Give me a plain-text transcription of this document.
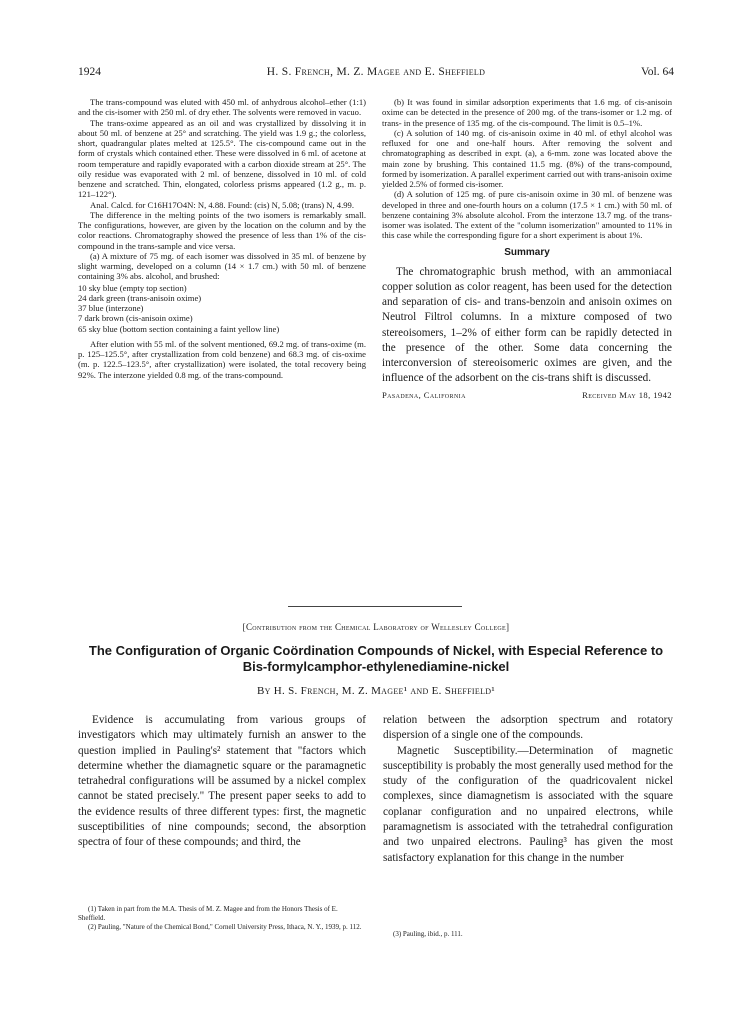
1924	H. S. French, M. Z. Magee and E. Sheffield	Vol. 64

The trans-compound was eluted with 450 ml. of anhydrous alcohol–ether (1:1) and the cis-isomer with 250 ml. of dry ether. The solvents were removed in vacuo.

The trans-oxime appeared as an oil and was crystallized by dissolving it in about 50 ml. of benzene at 25° and scratching. The yield was 1.9 g.; the colorless, short, quadrangular plates melted at 125.5°. The cis-compound came out in the form of crystals which contained ether. These were dissolved in 6 ml. of acetone at room temperature and rapidly evaporated with a carbon dioxide stream at 25°. The oily residue was evaporated with 2 ml. of benzene, dissolved in 10 ml. of cold benzene and scratched. Thin, elongated, colorless prisms appeared (1.2 g., m. p. 121–122°).

Anal. Calcd. for C16H17O4N: N, 4.88. Found: (cis) N, 5.08; (trans) N, 4.99.

The difference in the melting points of the two isomers is remarkably small. The configurations, however, are given by the location on the column and by the color reactions. Chromatography showed the presence of less than 1% of the cis-compound in the trans-sample and vice versa.

(a) A mixture of 75 mg. of each isomer was dissolved in 35 ml. of benzene by slight warming, developed on a column (14 × 1.7 cm.) with 50 ml. of benzene containing 3% abs. alcohol, and brushed:

10 sky blue (empty top section)
24 dark green (trans-anisoin oxime)
37 blue (interzone)
7 dark brown (cis-anisoin oxime)
65 sky blue (bottom section containing a faint yellow line)

After elution with 55 ml. of the solvent mentioned, 69.2 mg. of trans-oxime (m. p. 125–125.5°, after crystallization from cold benzene) and 68.3 mg. of cis-oxime (m. p. 122.5–123.5°, after crystallization) were isolated, the total recovery being 92%. The interzone yielded 0.8 mg. of the trans-compound.

(b) It was found in similar adsorption experiments that 1.6 mg. of cis-anisoin oxime can be detected in the presence of 200 mg. of the trans-isomer or 1.2 mg. of trans- in the presence of 135 mg. of the cis-compound. The limit is 0.5–1%.

(c) A solution of 140 mg. of cis-anisoin oxime in 40 ml. of ethyl alcohol was refluxed for one and one-half hours. After removing the solvent and chromatographing as described in expt. (a), a 6-mm. zone was located above the main zone by brushing. This contained 11.5 mg. (8%) of the trans-compound, formed by isomerization. A parallel experiment carried out with trans-anisoin oxime yielded 2.5% of formed cis-isomer.

(d) A solution of 125 mg. of pure cis-anisoin oxime in 30 ml. of benzene was developed in three and one-fourth hours on a column (17.5 × 1 cm.) with 50 ml. of benzene containing 3% absolute alcohol. From the interzone 13.7 mg. of the trans-isomer was isolated. The extent of the "column isomerization" amounted to 11% in this case while the corresponding figure for a short experiment is about 1%.

Summary

The chromatographic brush method, with an ammoniacal copper solution as color reagent, has been used for the detection and separation of cis- and trans-benzoin and anisoin oximes on Neutrol Filtrol columns. In a mixture composed of two stereoisomers, 1–2% of either form can be rapidly detected in the presence of the other. Some data concerning the interconversion of stereoisomeric oximes are given, and the influence of the adsorbent on the cis-trans shift is discussed.

Pasadena, California	Received May 18, 1942
[Contribution from the Chemical Laboratory of Wellesley College]
The Configuration of Organic Coördination Compounds of Nickel, with Especial Reference to Bis-formylcamphor-ethylenediamine-nickel
By H. S. French, M. Z. Magee¹ and E. Sheffield¹

Evidence is accumulating from various groups of investigators which may ultimately furnish an answer to the question implied in Pauling's² statement that "factors which determine whether the diamagnetic square or the paramagnetic tetrahedral configurations will be assumed by a nickel complex cannot be stated precisely." The present paper seeks to add to the evidence results of three different types: first, the magnetic susceptibilities of nine compounds; second, the absorption spectra of four of these compounds; and third, the

relation between the adsorption spectrum and rotatory dispersion of a single one of the compounds.

Magnetic Susceptibility.—Determination of magnetic susceptibility is probably the most generally used method for the study of the configuration of the quadricovalent nickel complexes, since diamagnetism is associated with the square coplanar configuration and no unpaired electrons, while paramagnetism is associated with the tetrahedral configuration and two unpaired electrons. Pauling³ has given the most satisfactory explanation for this change in the number

(1) Taken in part from the M.A. Thesis of M. Z. Magee and from the Honors Thesis of E. Sheffield.
(2) Pauling, "Nature of the Chemical Bond," Cornell University Press, Ithaca, N. Y., 1939, p. 112.
(3) Pauling, ibid., p. 111.
